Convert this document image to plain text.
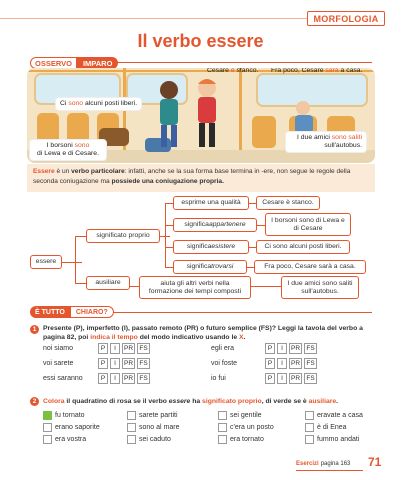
MORFOLOGIA
Il verbo essere
OSSERVO	IMPARO
Cesare è stanco.	Fra poco, Cesare sarà a casa.
Ci sono alcuni posti liberi.
I borsoni sono
di Lewa e di Cesare.
I due amici sono saliti
sull'autobus.
Essere è un verbo particolare: infatti, anche se la sua forma base termina in -ere, non segue le regole della seconda coniugazione ma possiede una coniugazione propria.
essere
significato proprio
ausiliare
esprime una qualità	Cesare è stanco.
significa appartenere
I borsoni sono di Lewa e di Cesare
significa esistere	Ci sono alcuni posti liberi.
significa trovarsi	Fra poco, Cesare sarà a casa.
aiuta gli altri verbi nella formazione dei tempi composti
I due amici sono saliti sull'autobus.
È TUTTO	CHIARO?
1 Presente (P), imperfetto (I), passato remoto (PR) o futuro semplice (FS)? Leggi la tavola del verbo a pagina 82, poi indica il tempo del modo indicativo usando le X.
noi siamo	P I PR FS	egli era	P I PR FS
voi sarete	P I PR FS	voi foste	P I PR FS
essi saranno	P I PR FS	io fui	P I PR FS
2 Colora il quadratino di rosa se il verbo essere ha significato proprio, di verde se è ausiliare.
fu tornato	sarete partiti	sei gentile	eravate a casa
erano saporite	sono al mare	c'era un posto	è di Enea
era vostra	sei caduto	era tornato	fummo andati
Esercizi pagina 163 71
